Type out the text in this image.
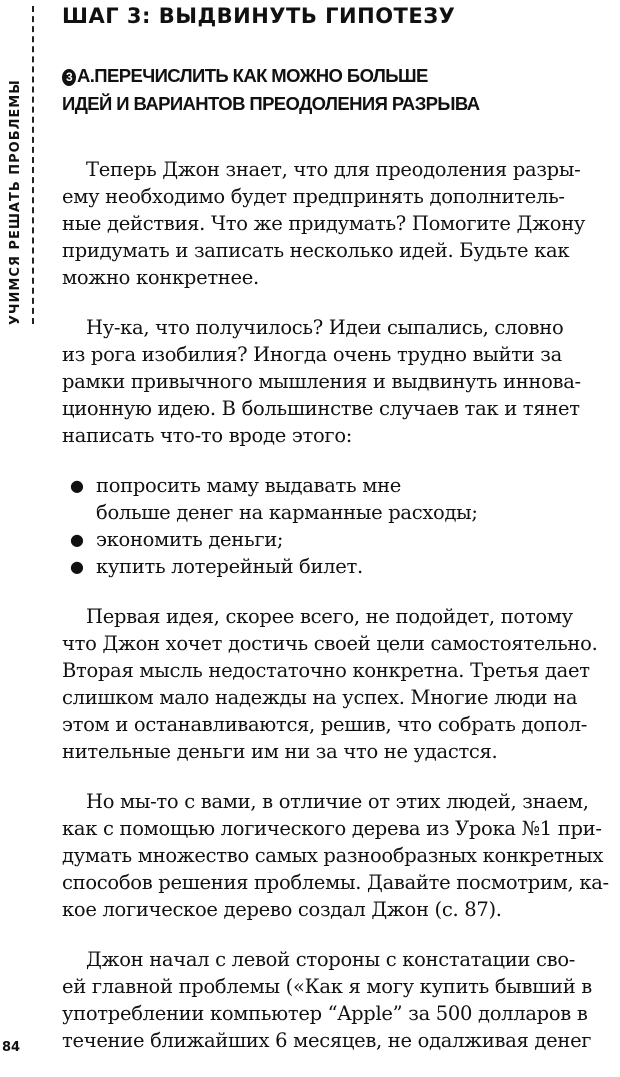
УЧИМСЯ РЕШАТЬ ПРОБЛЕМЫ
ШАГ 3: ВЫДВИНУТЬ ГИПОТЕЗУ
3 А.ПЕРЕЧИСЛИТЬ КАК МОЖНО БОЛЬШЕ
ИДЕЙ И ВАРИАНТОВ ПРЕОДОЛЕНИЯ РАЗРЫВА

Теперь Джон знает, что для преодоления разры-
ему необходимо будет предпринять дополнитель-
ные действия. Что же придумать? Помогите Джону
придумать и записать несколько идей. Будьте как
можно конкретнее.

Ну-ка, что получилось? Идеи сыпались, словно
из рога изобилия? Иногда очень трудно выйти за
рамки привычного мышления и выдвинуть иннова-
ционную идею. В большинстве случаев так и тянет
написать что-то вроде этого:

● попросить маму выдавать мне
больше денег на карманные расходы;
● экономить деньги;
● купить лотерейный билет.

Первая идея, скорее всего, не подойдет, потому
что Джон хочет достичь своей цели самостоятельно.
Вторая мысль недостаточно конкретна. Третья дает
слишком мало надежды на успех. Многие люди на
этом и останавливаются, решив, что собрать допол-
нительные деньги им ни за что не удастся.

Но мы-то с вами, в отличие от этих людей, знаем,
как с помощью логического дерева из Урока №1 при-
думать множество самых разнообразных конкретных
способов решения проблемы. Давайте посмотрим, ка-
кое логическое дерево создал Джон (с. 87).

Джон начал с левой стороны с констатации сво-
ей главной проблемы («Как я могу купить бывший в
употреблении компьютер “Apple” за 500 долларов в
течение ближайших 6 месяцев, не одалживая денег

84
